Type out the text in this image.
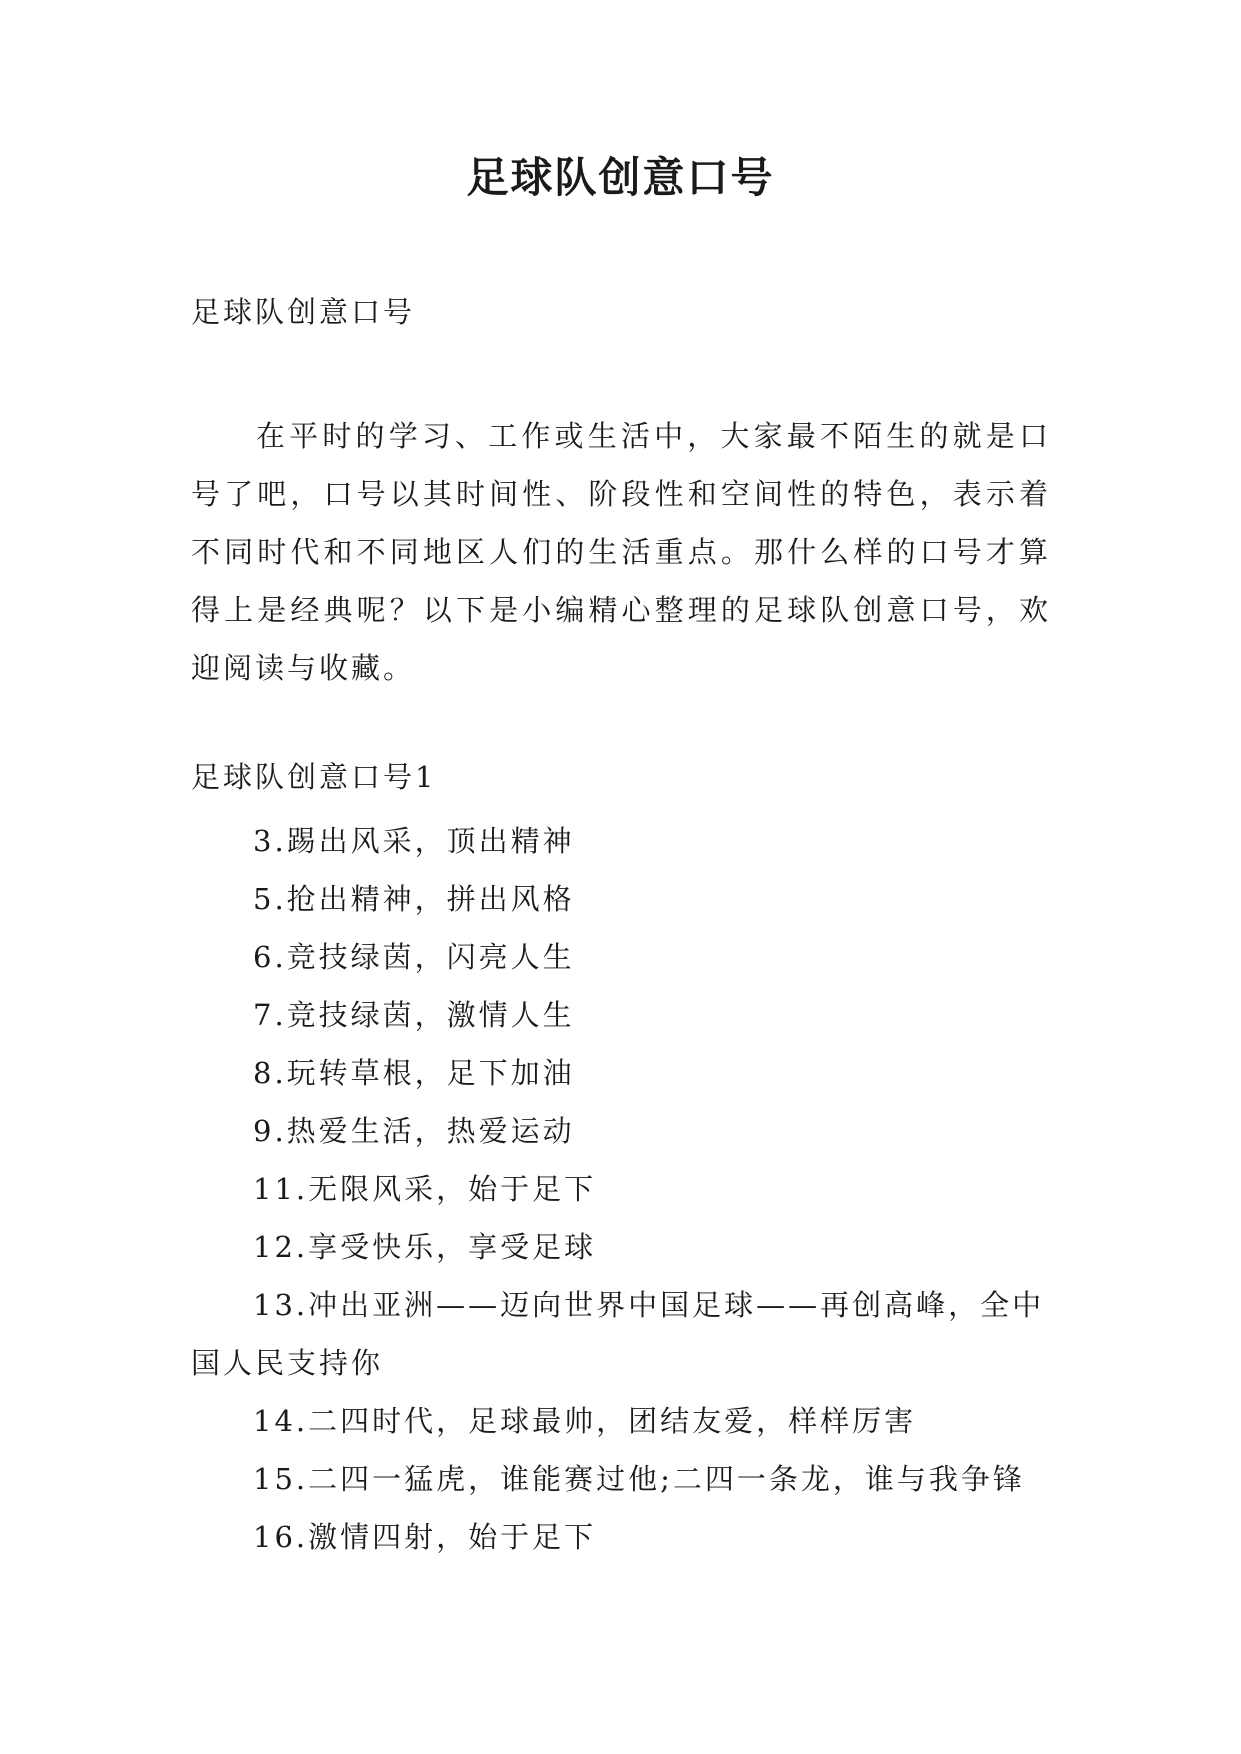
足球队创意口号

足球队创意口号

在平时的学习、工作或生活中，大家最不陌生的就是口号了吧，口号以其时间性、阶段性和空间性的特色，表示着不同时代和不同地区人们的生活重点。那什么样的口号才算得上是经典呢？以下是小编精心整理的足球队创意口号，欢迎阅读与收藏。

足球队创意口号1

3.踢出风采，顶出精神
5.抢出精神，拼出风格
6.竞技绿茵，闪亮人生
7.竞技绿茵，激情人生
8.玩转草根，足下加油
9.热爱生活，热爱运动
11.无限风采，始于足下
12.享受快乐，享受足球
13.冲出亚洲——迈向世界中国足球——再创高峰，全中国人民支持你
14.二四时代，足球最帅，团结友爱，样样厉害
15.二四一猛虎，谁能赛过他;二四一条龙，谁与我争锋
16.激情四射，始于足下
